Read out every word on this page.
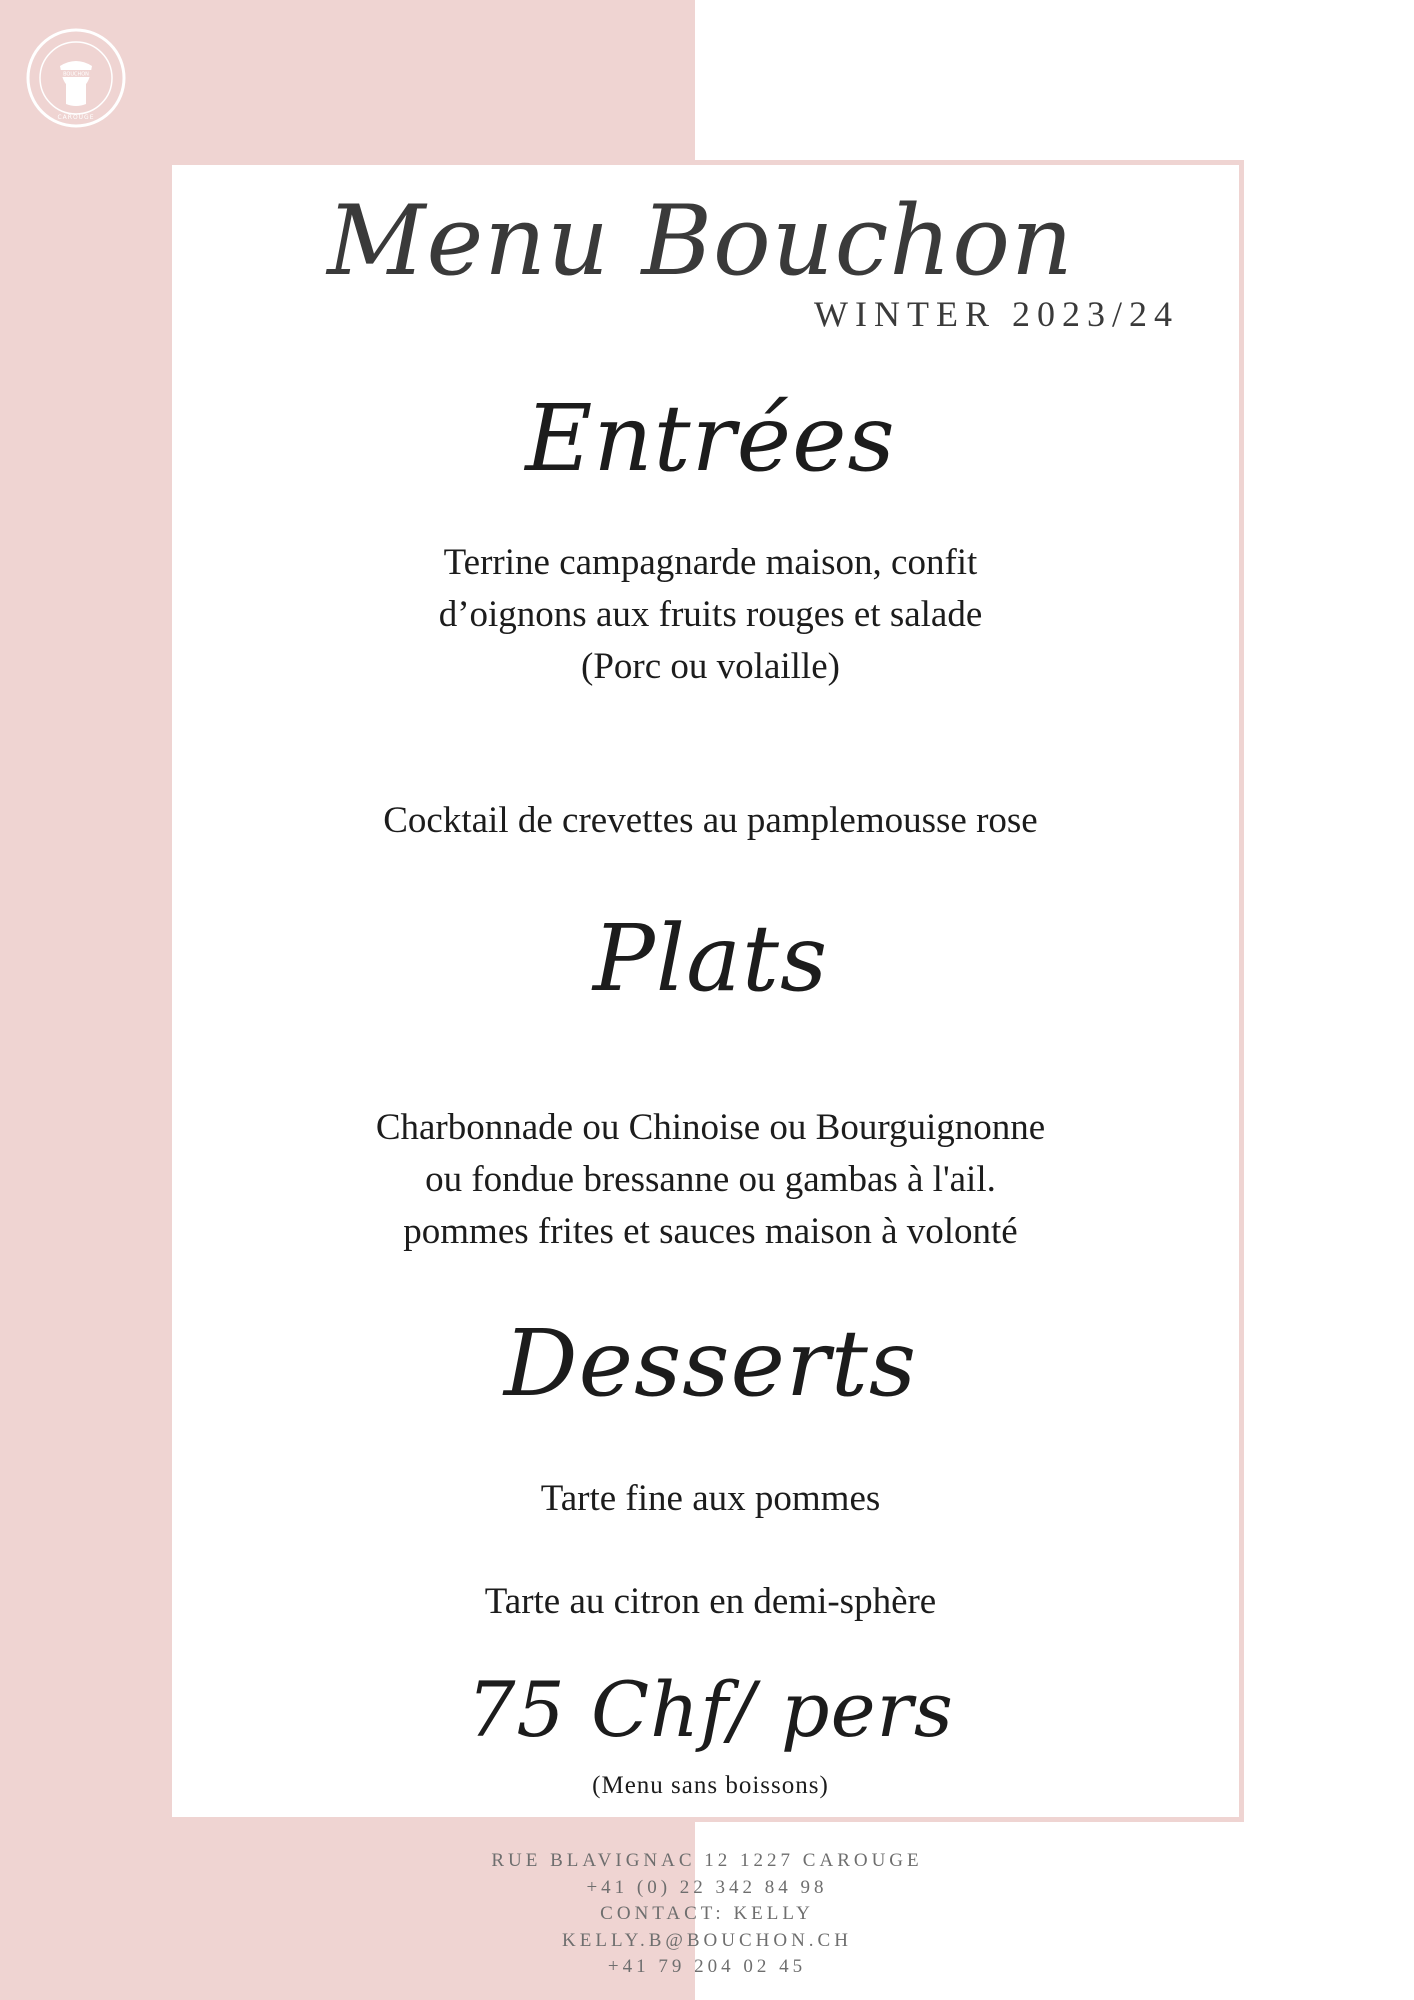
BOUCHON
CAROUGE
Menu Bouchon
WINTER 2023/24
Entrées
Terrine campagnarde maison, confit
d’oignons aux fruits rouges et salade
(Porc ou volaille)
Cocktail de crevettes au pamplemousse rose
Plats
Charbonnade ou Chinoise ou Bourguignonne
ou fondue bressanne ou gambas à l'ail.
pommes frites et sauces maison à volonté
Desserts
Tarte fine aux pommes
Tarte au citron en demi-sphère
75 Chf/ pers
(Menu sans boissons)
RUE BLAVIGNAC 12 1227 CAROUGE
+41 (0) 22 342 84 98
CONTACT: KELLY
KELLY.B@BOUCHON.CH
+41 79 204 02 45
